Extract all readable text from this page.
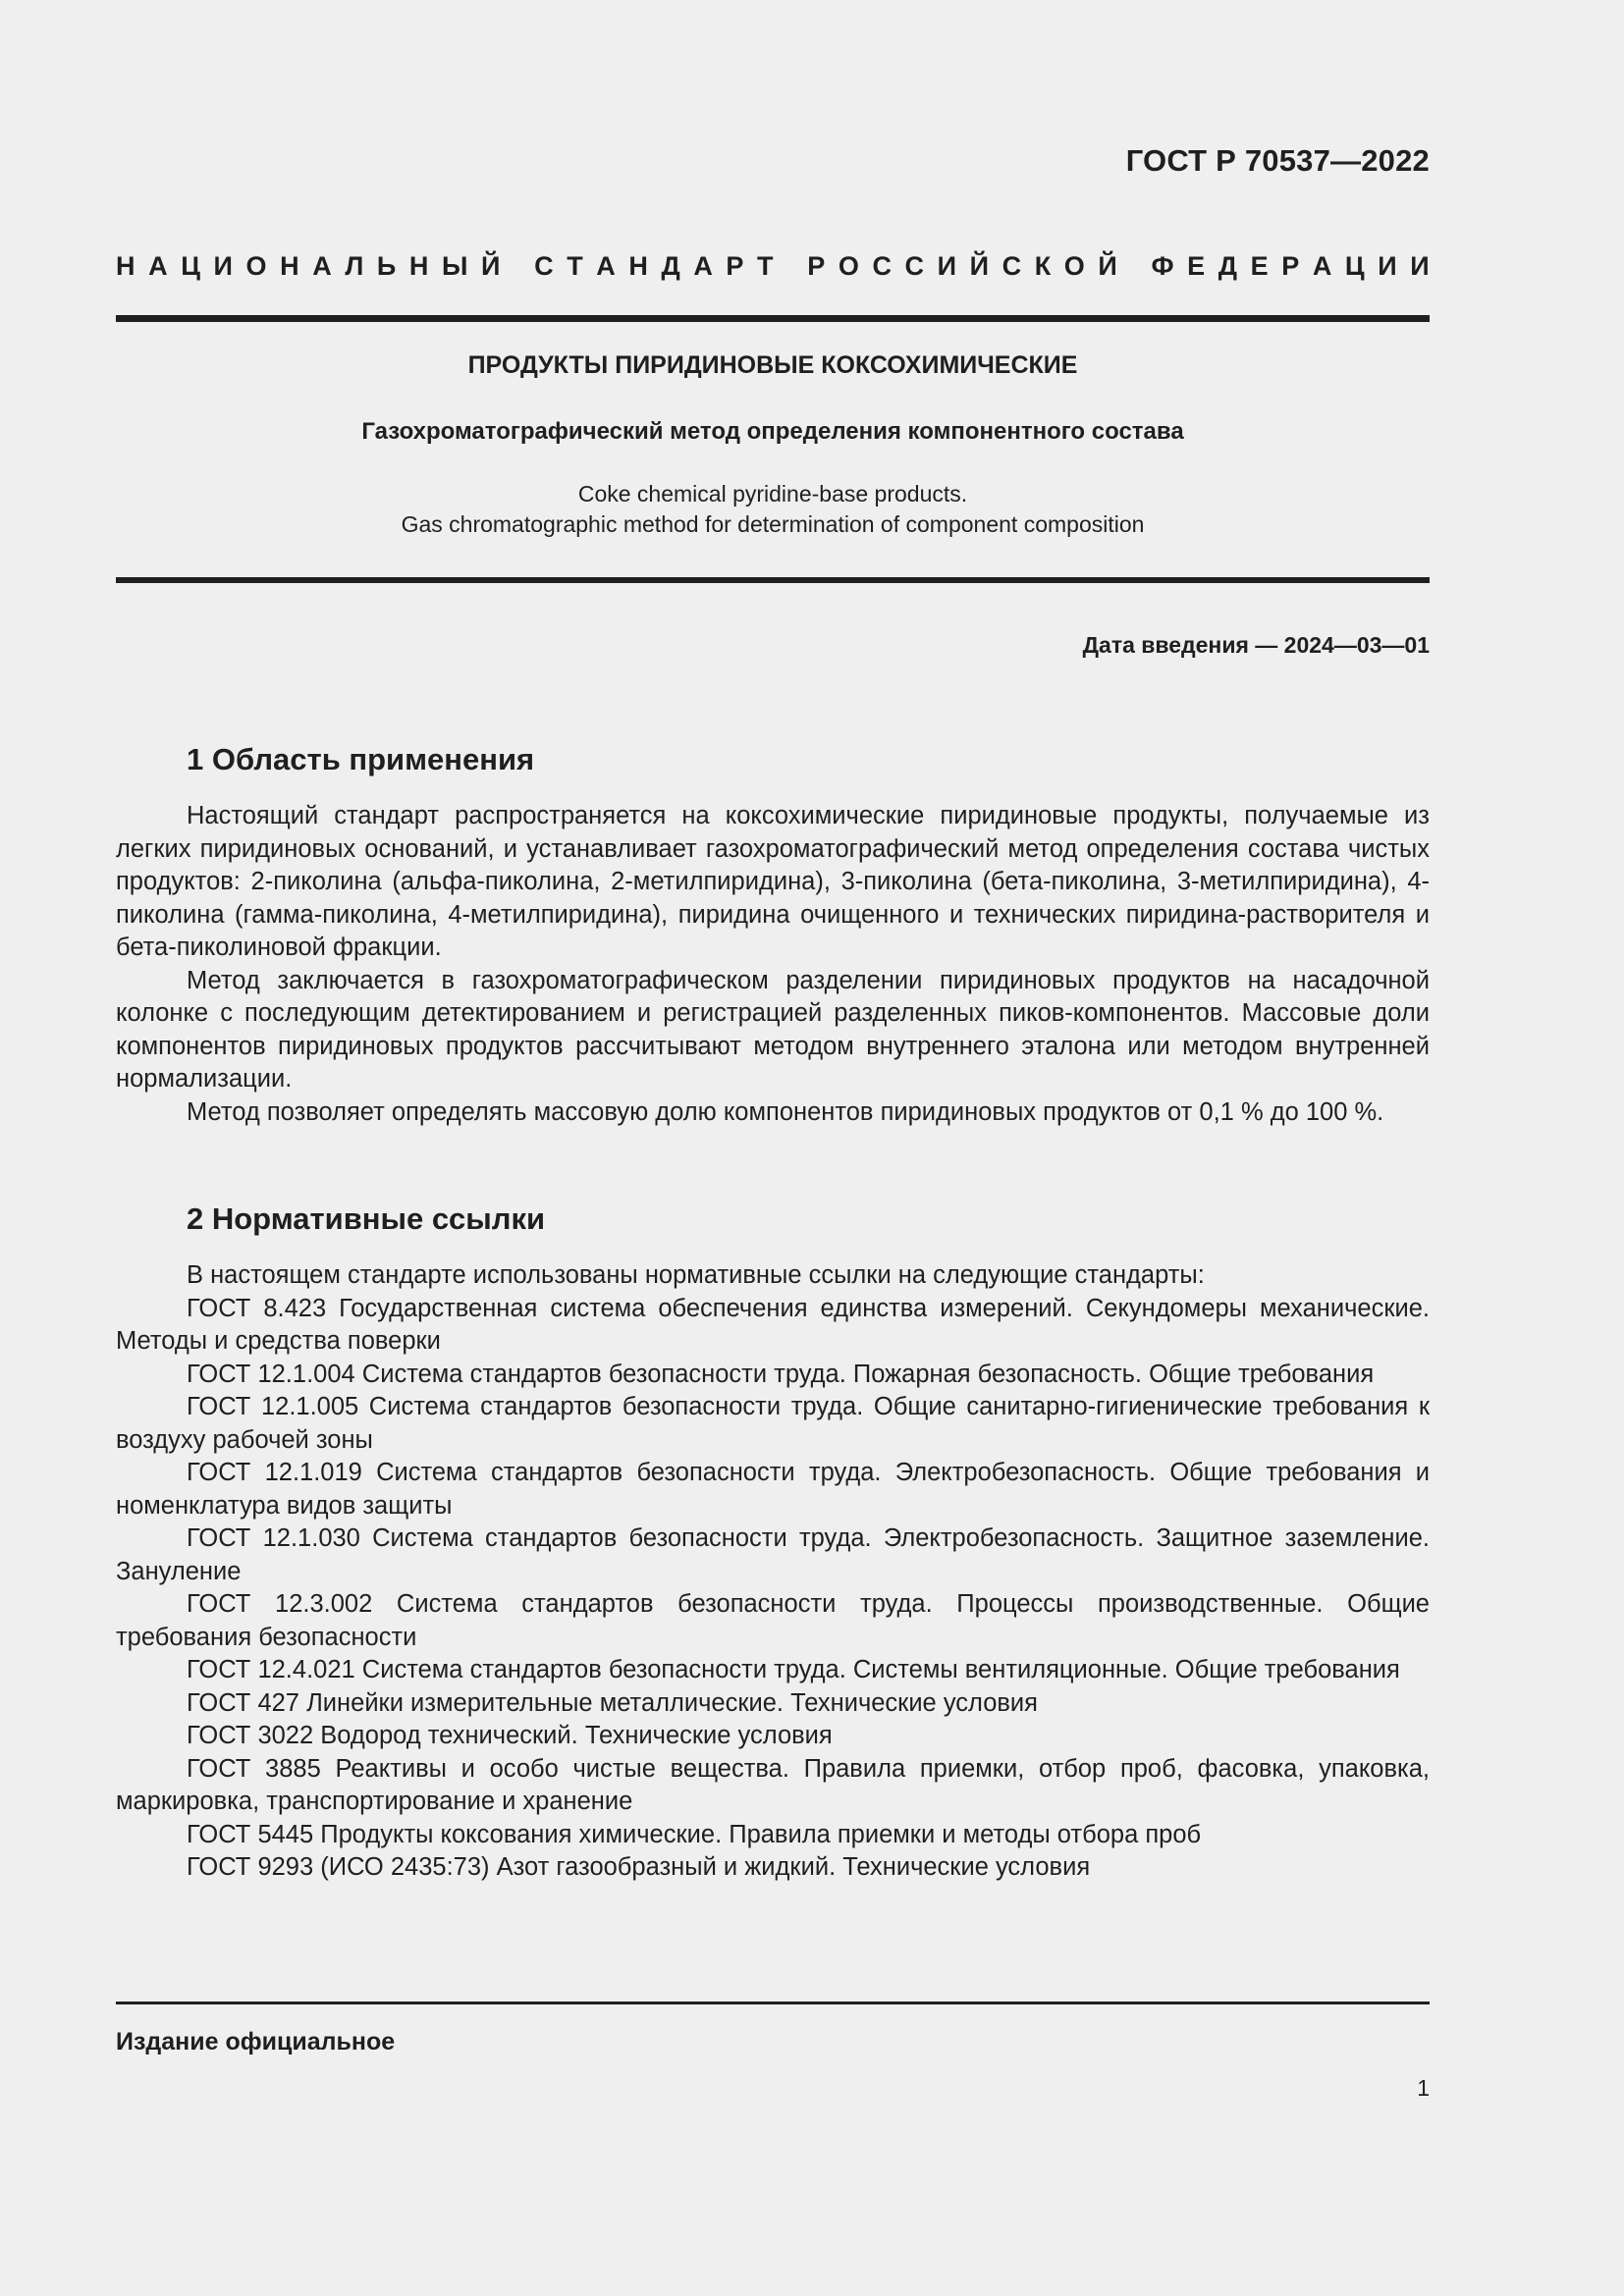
ГОСТ Р 70537—2022
Н А Ц И О Н А Л Ь Н Ы Й
С Т А Н Д А Р Т
Р О С С И Й С К О Й
Ф Е Д Е Р А Ц И И
ПРОДУКТЫ ПИРИДИНОВЫЕ КОКСОХИМИЧЕСКИЕ
Газохроматографический метод определения компонентного состава
Coke chemical pyridine-base products.
Gas chromatographic method for determination of component composition
Дата введения — 2024—03—01
1 Область применения

Настоящий стандарт распространяется на коксохимические пиридиновые продукты, получаемые из легких пиридиновых оснований, и устанавливает газохроматографический метод определения состава чистых продуктов: 2-пиколина (альфа-пиколина, 2-метилпиридина), 3-пиколина (бета-пиколина, 3-метилпиридина), 4-пиколина (гамма-пиколина, 4-метилпиридина), пиридина очищенного и технических пиридина-растворителя и бета-пиколиновой фракции.

Метод заключается в газохроматографическом разделении пиридиновых продуктов на насадочной колонке с последующим детектированием и регистрацией разделенных пиков-компонентов. Массовые доли компонентов пиридиновых продуктов рассчитывают методом внутреннего эталона или методом внутренней нормализации.

Метод позволяет определять массовую долю компонентов пиридиновых продуктов от 0,1 % до 100 %.

2 Нормативные ссылки

В настоящем стандарте использованы нормативные ссылки на следующие стандарты:

ГОСТ 8.423 Государственная система обеспечения единства измерений. Секундомеры механические. Методы и средства поверки

ГОСТ 12.1.004 Система стандартов безопасности труда. Пожарная безопасность. Общие требования

ГОСТ 12.1.005 Система стандартов безопасности труда. Общие санитарно-гигиенические требования к воздуху рабочей зоны

ГОСТ 12.1.019 Система стандартов безопасности труда. Электробезопасность. Общие требования и номенклатура видов защиты

ГОСТ 12.1.030 Система стандартов безопасности труда. Электробезопасность. Защитное заземление. Зануление

ГОСТ 12.3.002 Система стандартов безопасности труда. Процессы производственные. Общие требования безопасности

ГОСТ 12.4.021 Система стандартов безопасности труда. Системы вентиляционные. Общие требования

ГОСТ 427 Линейки измерительные металлические. Технические условия

ГОСТ 3022 Водород технический. Технические условия

ГОСТ 3885 Реактивы и особо чистые вещества. Правила приемки, отбор проб, фасовка, упаковка, маркировка, транспортирование и хранение

ГОСТ 5445 Продукты коксования химические. Правила приемки и методы отбора проб

ГОСТ 9293 (ИСО 2435:73) Азот газообразный и жидкий. Технические условия

Издание официальное
1
